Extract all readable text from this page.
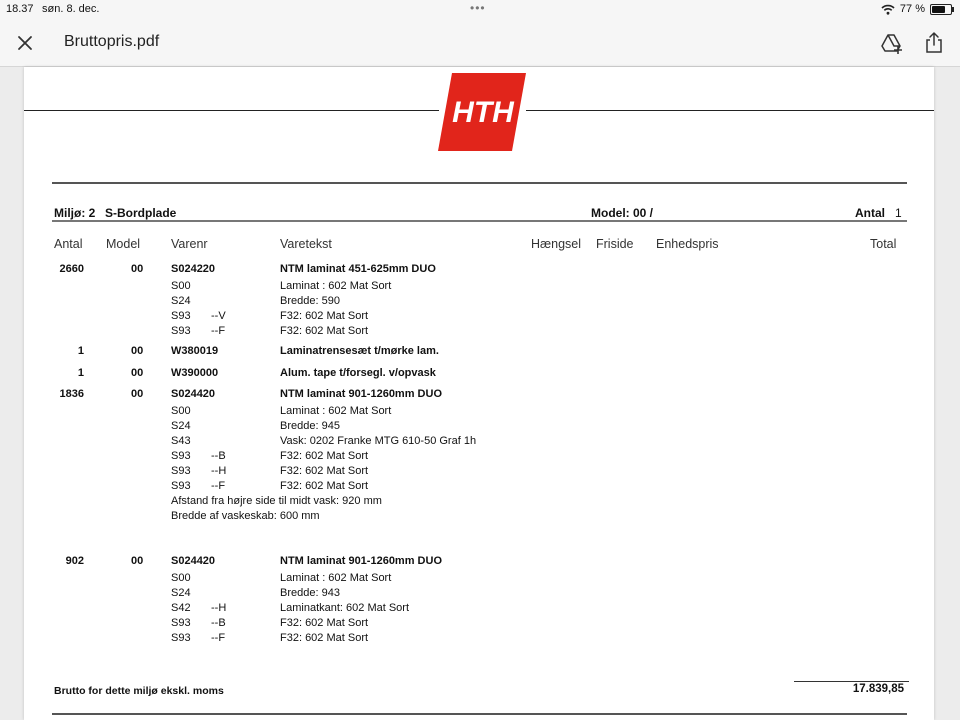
18.37 søn. 8. dec.	•••	77 %
Bruttopris.pdf
HTH
Miljø: 2 S-Bordplade	Model: 00 /	Antal 1
Antal Model Varenr	Varetekst	Hængsel Friside Enhedspris	Total
2660	00	S024220	NTM laminat 451-625mm DUO
S00	Laminat : 602 Mat Sort
S24	Bredde: 590
S93 --V	F32: 602 Mat Sort
S93 --F	F32: 602 Mat Sort
1	00	W380019	Laminatrensesæt t/mørke lam.
1	00	W390000	Alum. tape t/forsegl. v/opvask
1836	00	S024420	NTM laminat 901-1260mm DUO
S00	Laminat : 602 Mat Sort
S24	Bredde: 945
S43	Vask: 0202 Franke MTG 610-50 Graf 1h
S93 --B	F32: 602 Mat Sort
S93 --H	F32: 602 Mat Sort
S93 --F	F32: 602 Mat Sort
Afstand fra højre side til midt vask: 920 mm
Bredde af vaskeskab: 600 mm
902	00	S024420	NTM laminat 901-1260mm DUO
S00	Laminat : 602 Mat Sort
S24	Bredde: 943
S42 --H	Laminatkant: 602 Mat Sort
S93 --B	F32: 602 Mat Sort
S93 --F	F32: 602 Mat Sort
Brutto for dette miljø ekskl. moms	17.839,85
